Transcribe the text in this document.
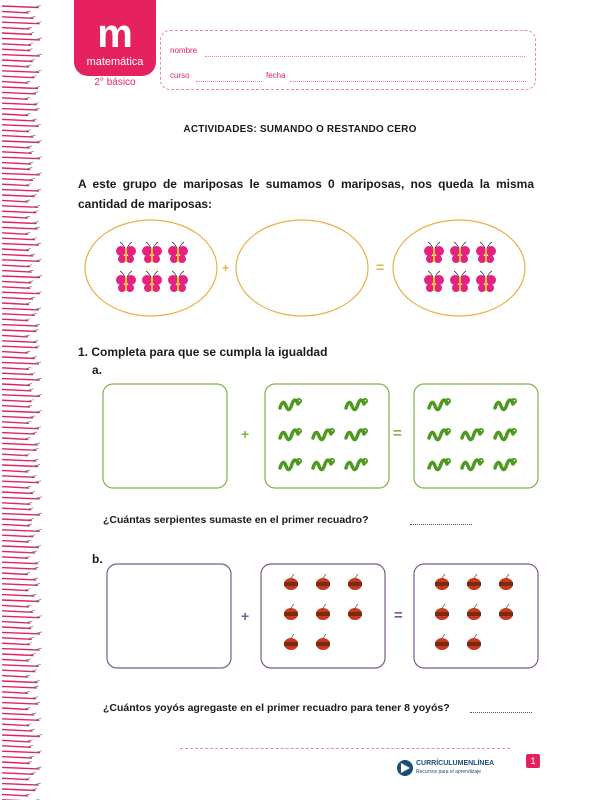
m
matemática
2° básico
nombre
curso	fecha
ACTIVIDADES: SUMANDO O RESTANDO CERO
A este grupo de mariposas le sumamos 0 mariposas, nos queda la misma cantidad de mariposas:
+	=
1. Completa para que se cumpla la igualdad
a.
+	=
¿Cuántas serpientes sumaste en el primer recuadro?
b.
+	=
¿Cuántos yoyós agregaste en el primer recuadro para tener 8 yoyós?
CURRÍCULUMENLÍNEA
Recursos para el aprendizaje
1
